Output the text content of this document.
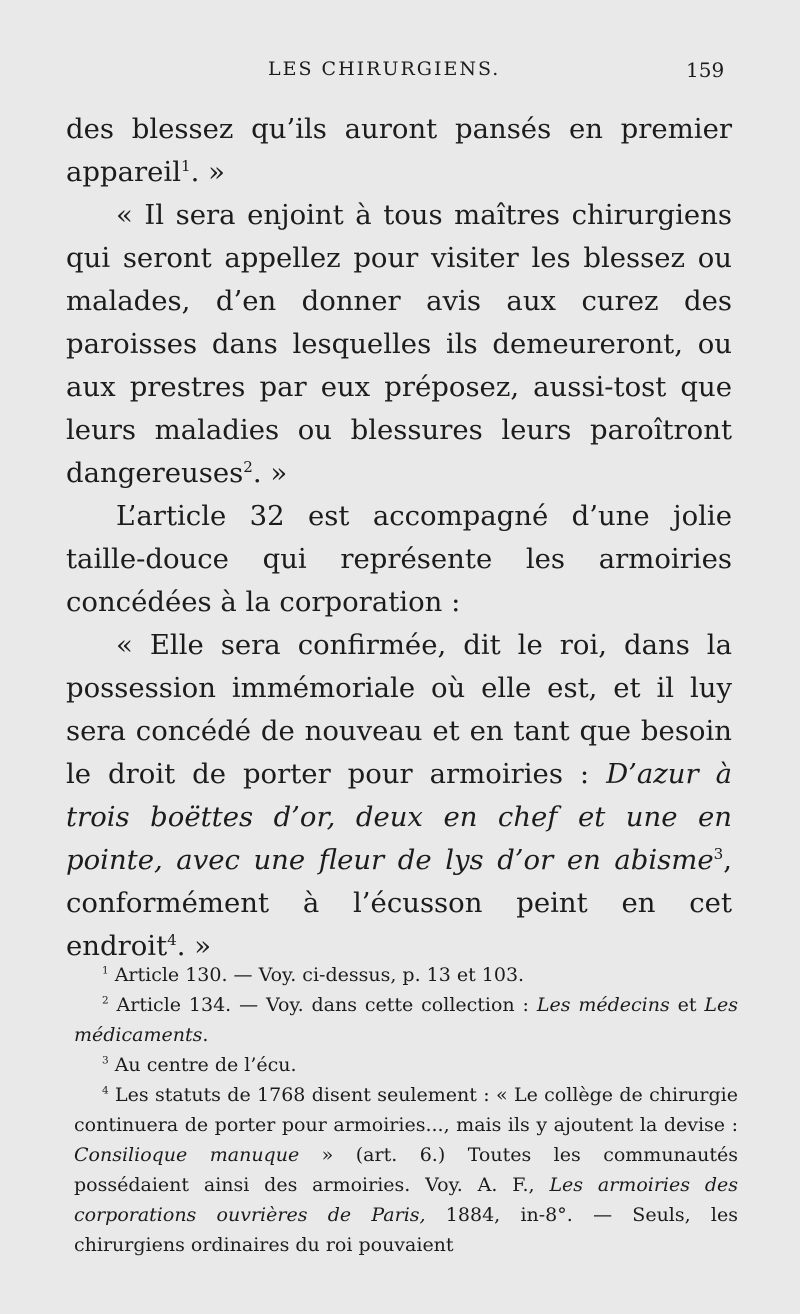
LES CHIRURGIENS.	159

des blessez qu’ils auront pansés en premier appareil$^1$. »

« Il sera enjoint à tous maîtres chirurgiens qui seront appellez pour visiter les blessez ou malades, d’en donner avis aux curez des paroisses dans lesquelles ils demeureront, ou aux prestres par eux préposez, aussi-tost que leurs maladies ou blessures leurs paroîtront dangereuses$^2$. »

L’article 32 est accompagné d’une jolie taille-douce qui représente les armoiries concédées à la corporation :

« Elle sera confirmée, dit le roi, dans la possession immémoriale où elle est, et il luy sera concédé de nouveau et en tant que besoin le droit de porter pour armoiries : D’azur à trois boëttes d’or, deux en chef et une en pointe, avec une fleur de lys d’or en abisme$^3$, conformément à l’écusson peint en cet endroit$^4$. »

$^1$ Article 130. — Voy. ci-dessus, p. 13 et 103.

$^2$ Article 134. — Voy. dans cette collection : Les médecins et Les médicaments.

$^3$ Au centre de l’écu.

$^4$ Les statuts de 1768 disent seulement : « Le collège de chirurgie continuera de porter pour armoiries..., mais ils y ajoutent la devise : Consilioque manuque » (art. 6.) Toutes les communautés possédaient ainsi des armoiries. Voy. A. F., Les armoiries des corporations ouvrières de Paris, 1884, in-8°. — Seuls, les chirurgiens ordinaires du roi pouvaient
